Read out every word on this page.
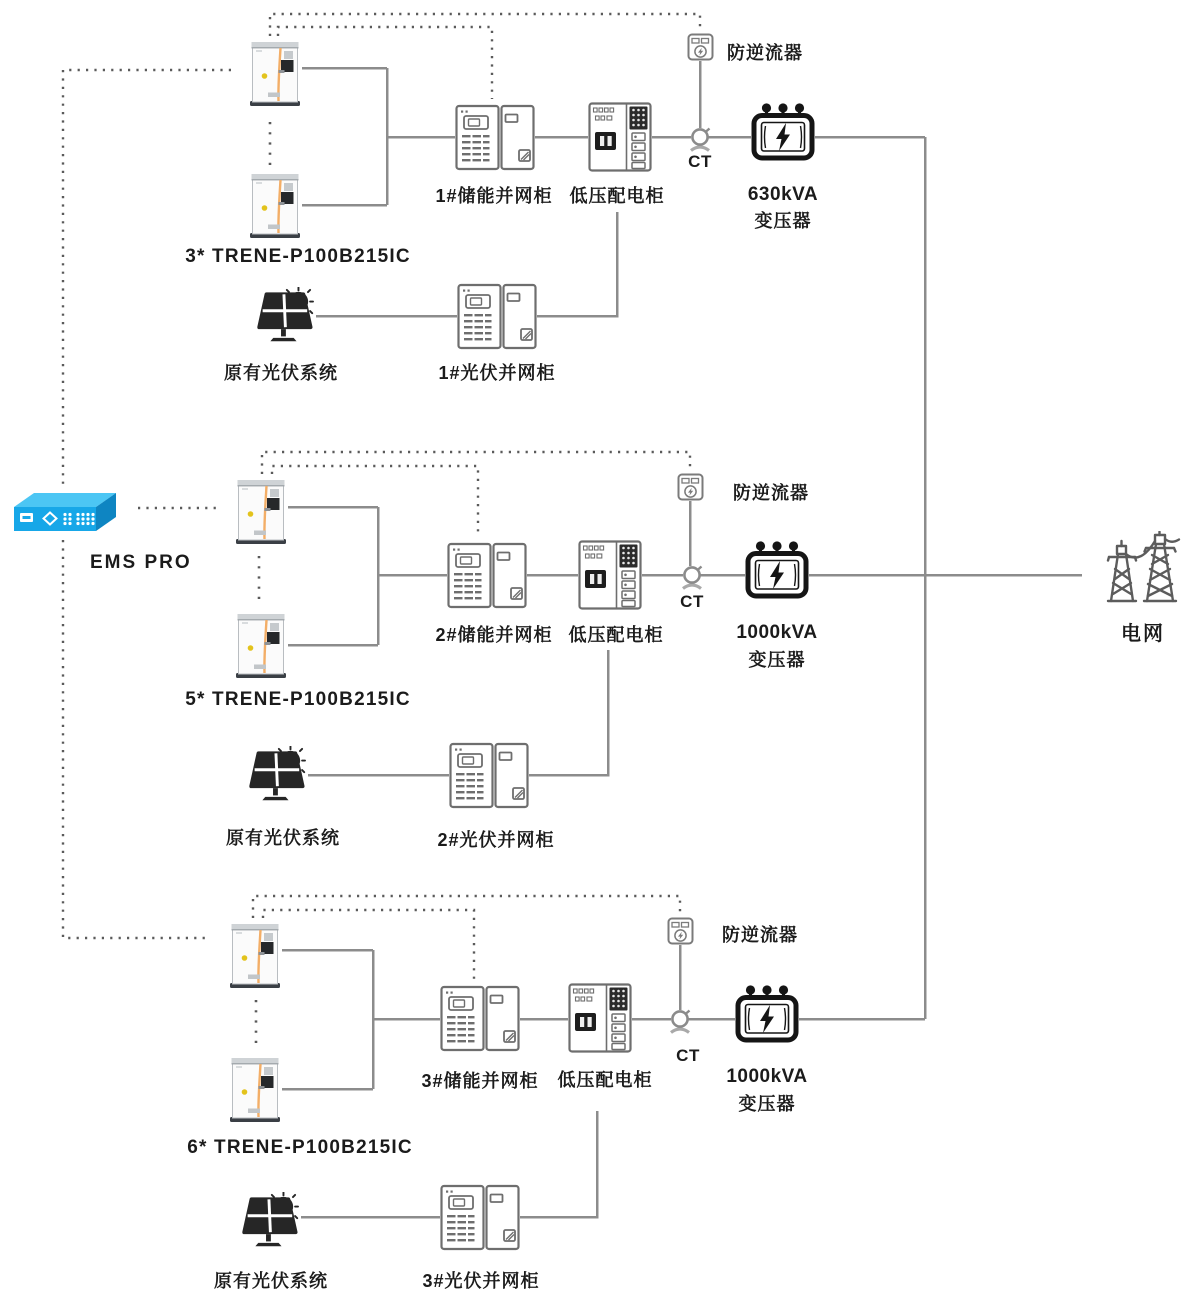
3* TRENE-P100B215IC
1#储能并网柜 低压配电柜
CT
防逆流器
630kVA
变压器
原有光伏系统	1#光伏并网柜
5* TRENE-P100B215IC
2#储能并网柜 低压配电柜
CT
防逆流器
1000kVA
变压器
原有光伏系统	2#光伏并网柜
6* TRENE-P100B215IC
3#储能并网柜 低压配电柜
CT
防逆流器
1000kVA
变压器
原有光伏系统	3#光伏并网柜
EMS PRO
电网
